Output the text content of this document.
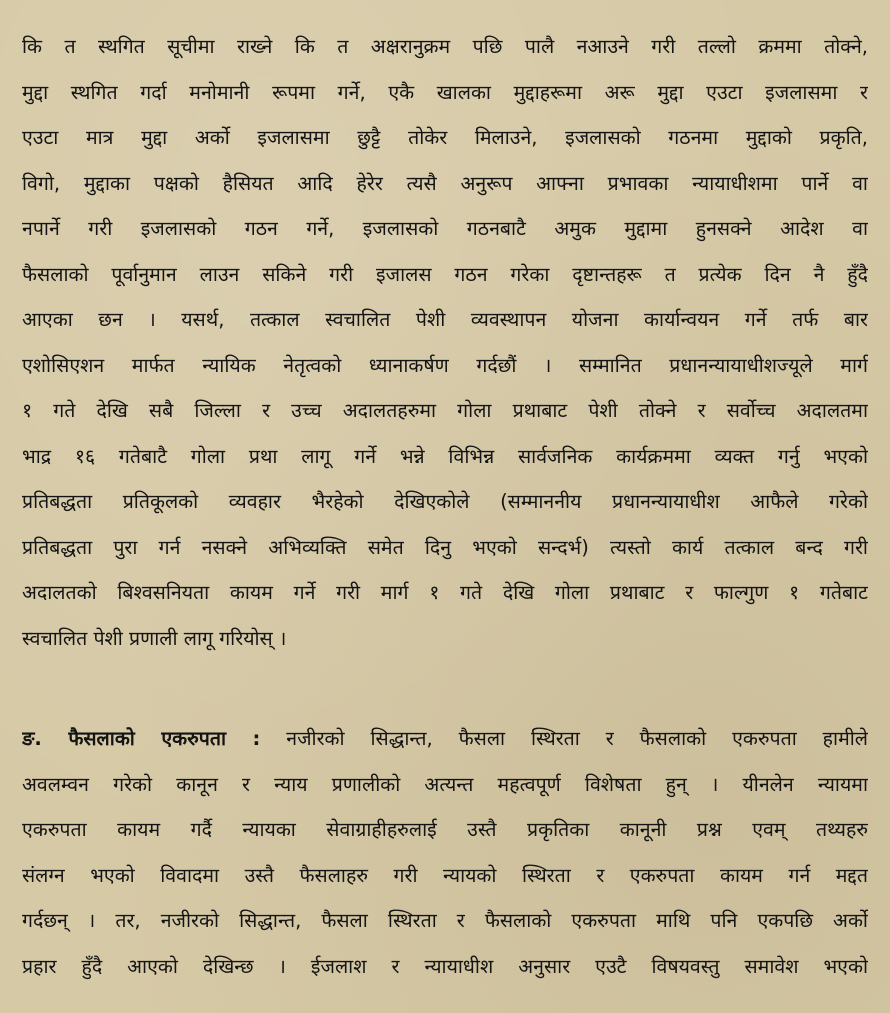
कि त स्थगित सूचीमा राख्ने कि त अक्षरानुक्रम पछि पालै नआउने गरी तल्लो क्रममा तोक्ने,
मुद्दा स्थगित गर्दा मनोमानी रूपमा गर्ने, एकै खालका मुद्दाहरूमा अरू मुद्दा एउटा इजलासमा र
एउटा मात्र मुद्दा अर्को इजलासमा छुट्टै तोकेर मिलाउने, इजलासको गठनमा मुद्दाको प्रकृति,
विगो, मुद्दाका पक्षको हैसियत आदि हेरेर त्यसै अनुरूप आफ्ना प्रभावका न्यायाधीशमा पार्ने वा
नपार्ने गरी इजलासको गठन गर्ने, इजलासको गठनबाटै अमुक मुद्दामा हुनसक्ने आदेश वा
फैसलाको पूर्वानुमान लाउन सकिने गरी इजालस गठन गरेका दृष्टान्तहरू त प्रत्येक दिन नै हुँदै
आएका छन । यसर्थ, तत्काल स्वचालित पेशी व्यवस्थापन योजना कार्यान्वयन गर्ने तर्फ बार
एशोसिएशन मार्फत न्यायिक नेतृत्वको ध्यानाकर्षण गर्दछौं । सम्मानित प्रधानन्यायाधीशज्यूले मार्ग
१ गते देखि सबै जिल्ला र उच्च अदालतहरुमा गोला प्रथाबाट पेशी तोक्ने र सर्वोच्च अदालतमा
भाद्र १६ गतेबाटै गोला प्रथा लागू गर्ने भन्ने विभिन्न सार्वजनिक कार्यक्रममा व्यक्त गर्नु भएको
प्रतिबद्धता प्रतिकूलको व्यवहार भैरहेको देखिएकोले (सम्माननीय प्रधानन्यायाधीश आफैले गरेको
प्रतिबद्धता पुरा गर्न नसक्ने अभिव्यक्ति समेत दिनु भएको सन्दर्भ) त्यस्तो कार्य तत्काल बन्द गरी
अदालतको बिश्वसनियता कायम गर्ने गरी मार्ग १ गते देखि गोला प्रथाबाट र फाल्गुण १ गतेबाट
स्वचालित पेशी प्रणाली लागू गरियोस् ।
ङ. फैसलाको एकरुपता : नजीरको सिद्धान्त, फैसला स्थिरता र फैसलाको एकरुपता हामीले
अवलम्वन गरेको कानून र न्याय प्रणालीको अत्यन्त महत्वपूर्ण विशेषता हुन् । यीनलेन न्यायमा
एकरुपता कायम गर्दै न्यायका सेवाग्राहीहरुलाई उस्तै प्रकृतिका कानूनी प्रश्न एवम् तथ्यहरु
संलग्न भएको विवादमा उस्तै फैसलाहरु गरी न्यायको स्थिरता र एकरुपता कायम गर्न मद्दत
गर्दछन् । तर, नजीरको सिद्धान्त, फैसला स्थिरता र फैसलाको एकरुपता माथि पनि एकपछि अर्को
प्रहार हुँदै आएको देखिन्छ । ईजलाश र न्यायाधीश अनुसार एउटै विषयवस्तु समावेश भएको
